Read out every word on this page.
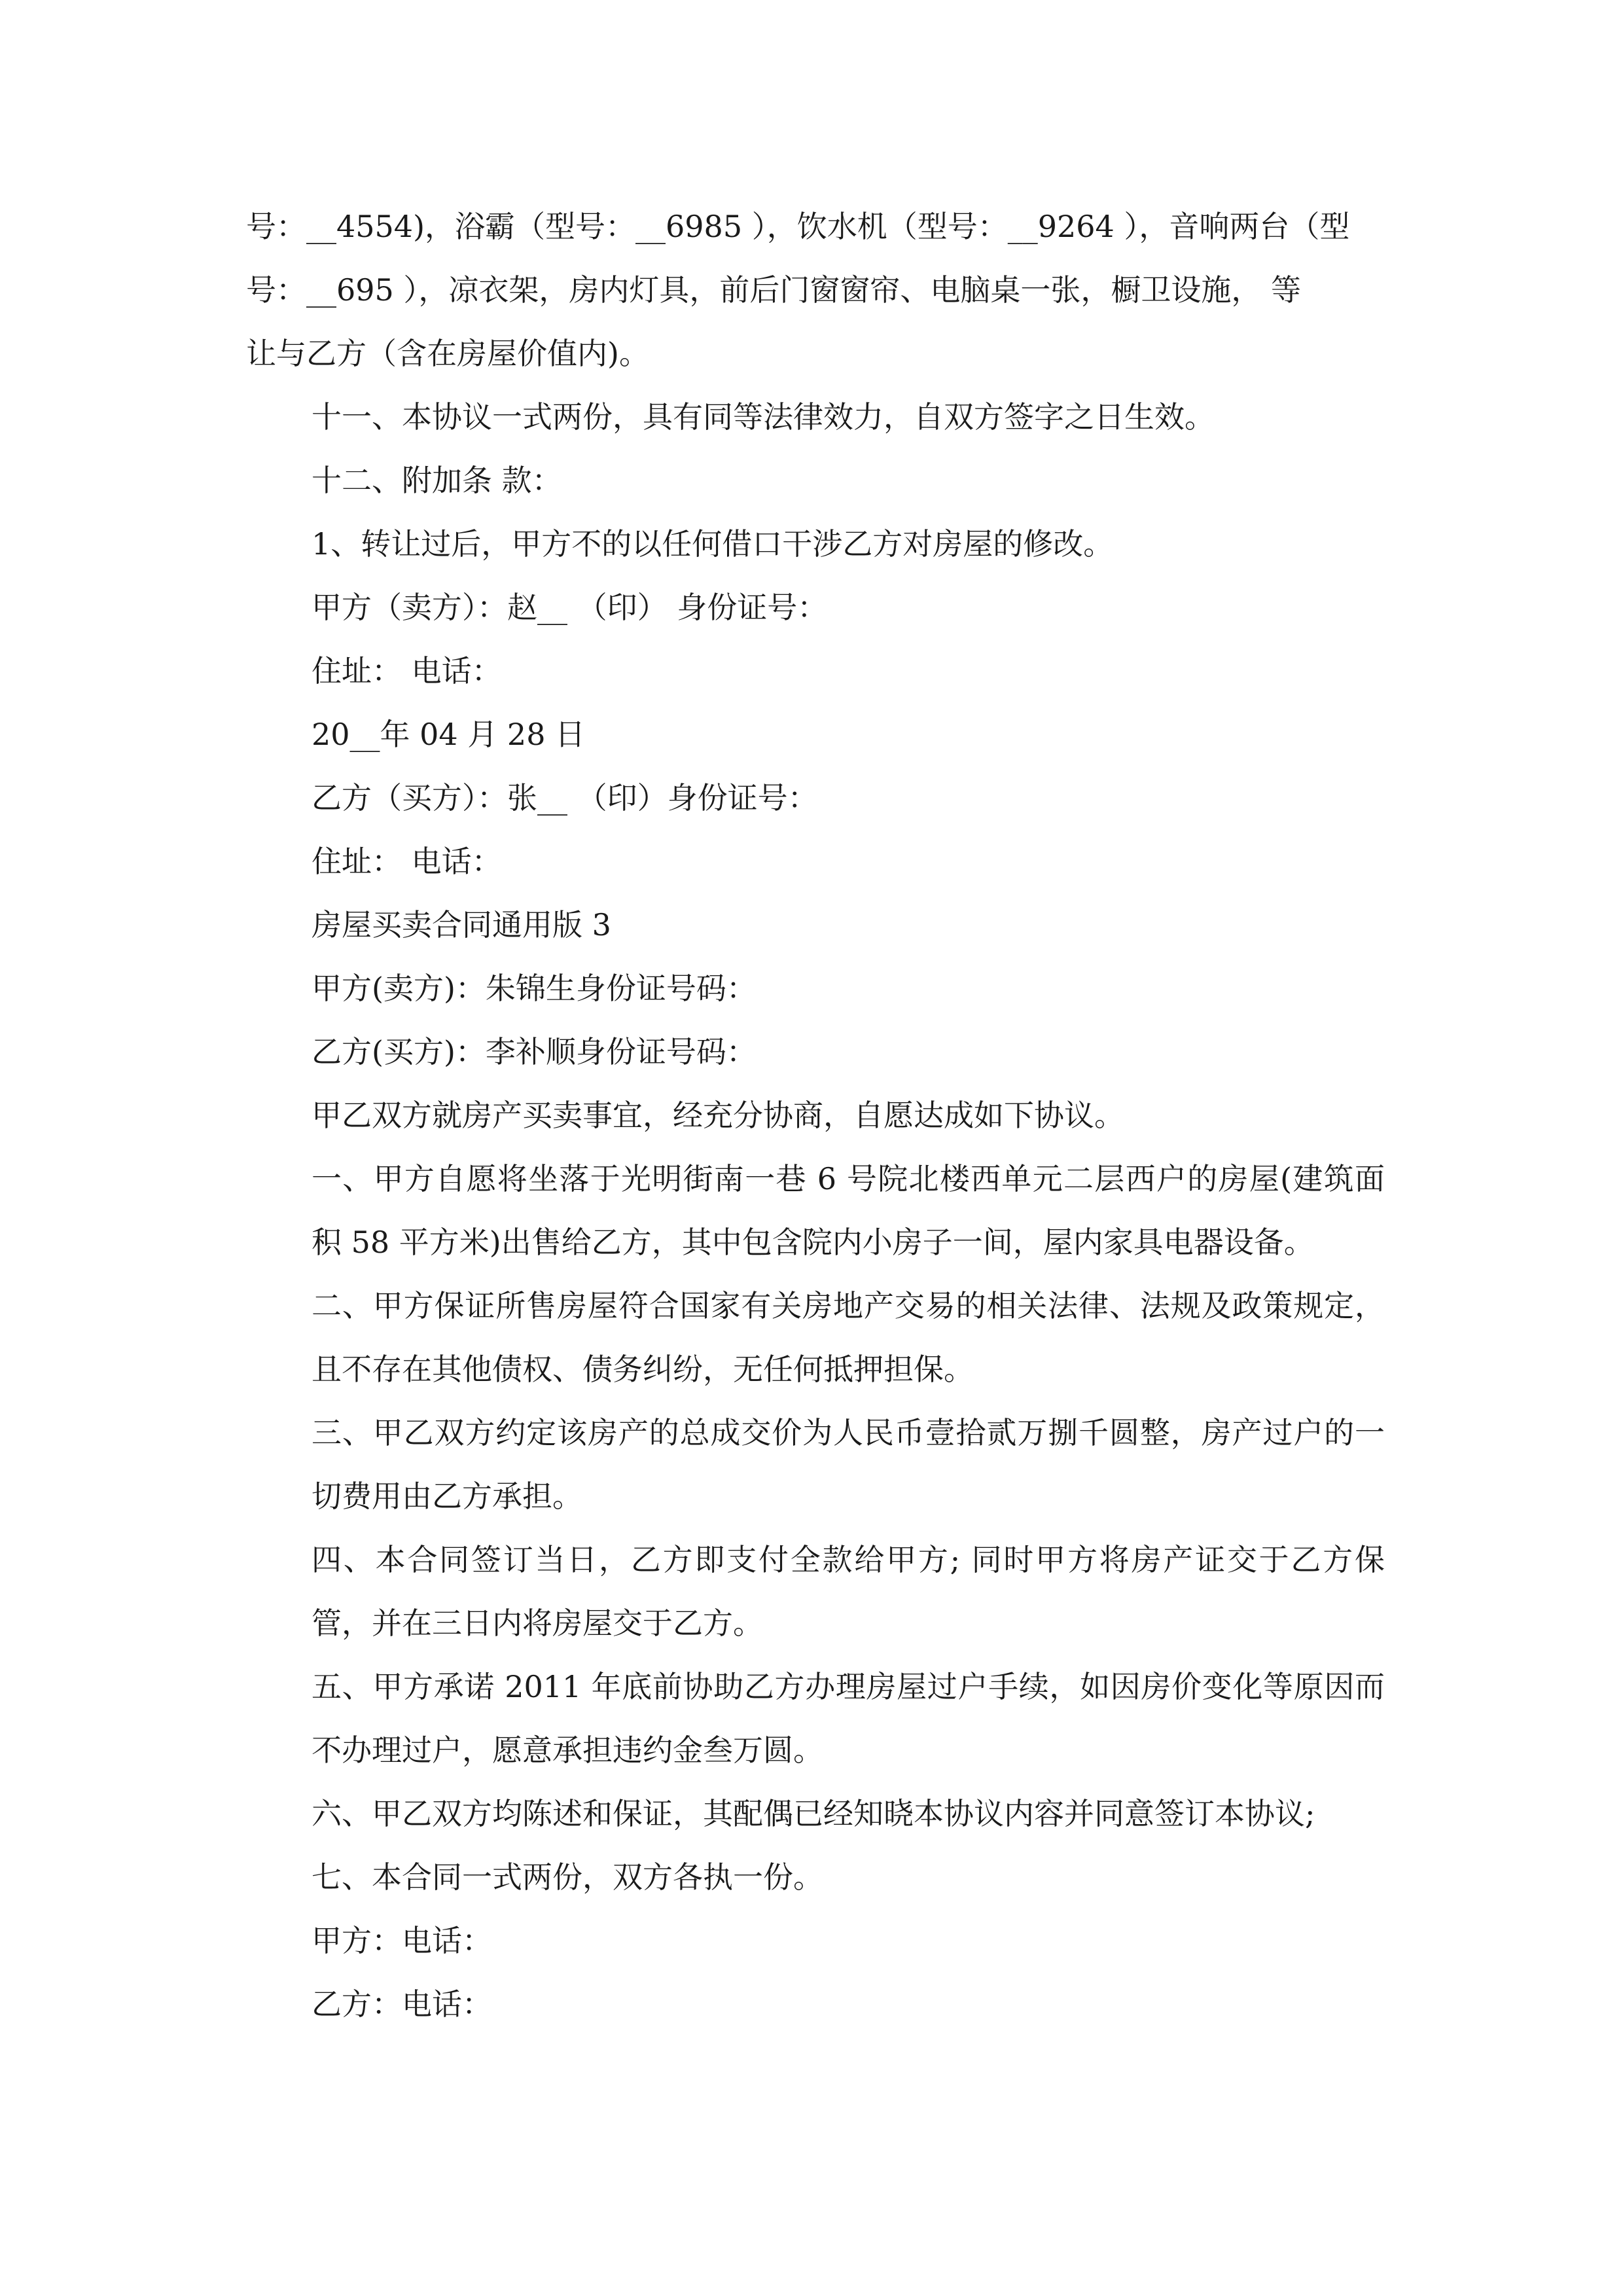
号：__4554)，浴霸（型号：__6985 ），饮水机（型号：__9264 ），音响两台（型

号：__695 ），凉衣架，房内灯具，前后门窗窗帘、电脑桌一张，橱卫设施， 等

让与乙方（含在房屋价值内)。

十一、本协议一式两份，具有同等法律效力，自双方签字之日生效。

十二、附加条 款：

1、转让过后，甲方不的以任何借口干涉乙方对房屋的修改。

甲方（卖方）：赵__ （印） 身份证号：

住址： 电话：

20__年 04 月 28 日

乙方（买方）：张__ （印）身份证号：

住址： 电话：

房屋买卖合同通用版 3

甲方(卖方)：朱锦生身份证号码：

乙方(买方)：李补顺身份证号码：

甲乙双方就房产买卖事宜，经充分协商，自愿达成如下协议。

一、甲方自愿将坐落于光明街南一巷 6 号院北楼西单元二层西户的房屋(建筑面积 58 平方米)出售给乙方，其中包含院内小房子一间，屋内家具电器设备。

二、甲方保证所售房屋符合国家有关房地产交易的相关法律、法规及政策规定，且不存在其他债权、债务纠纷，无任何抵押担保。

三、甲乙双方约定该房产的总成交价为人民币壹拾贰万捌千圆整，房产过户的一切费用由乙方承担。

四、本合同签订当日，乙方即支付全款给甲方; 同时甲方将房产证交于乙方保管，并在三日内将房屋交于乙方。

五、甲方承诺 2011 年底前协助乙方办理房屋过户手续，如因房价变化等原因而不办理过户，愿意承担违约金叁万圆。

六、甲乙双方均陈述和保证，其配偶已经知晓本协议内容并同意签订本协议;

七、本合同一式两份，双方各执一份。

甲方：电话：

乙方：电话：
